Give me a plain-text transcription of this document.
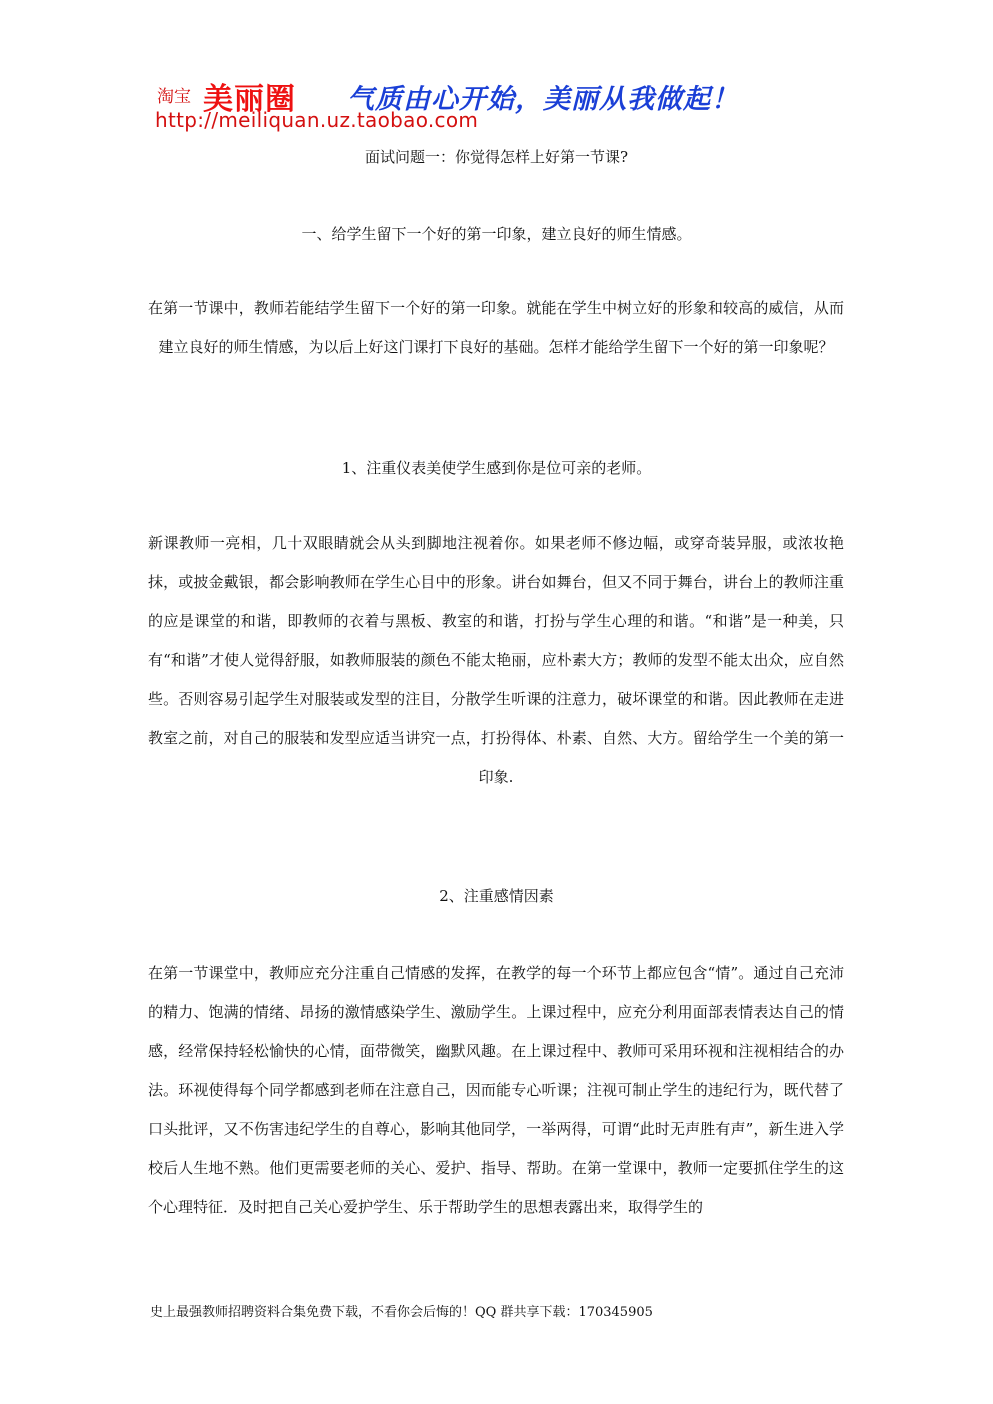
淘宝 美丽圈 气质由心开始，美丽从我做起！
http://meiliquan.uz.taobao.com
面试问题一：你觉得怎样上好第一节课?
一、给学生留下一个好的第一印象，建立良好的师生情感。

在第一节课中，教师若能结学生留下一个好的第一印象。就能在学生中树立好的形象和较高的威信，从而建立良好的师生情感，为以后上好这门课打下良好的基础。怎样才能给学生留下一个好的第一印象呢？

1、注重仪表美使学生感到你是位可亲的老师。

新课教师一亮相，几十双眼睛就会从头到脚地注视着你。如果老师不修边幅，或穿奇装异服，或浓妆艳抹，或披金戴银，都会影响教师在学生心目中的形象。讲台如舞台，但又不同于舞台，讲台上的教师注重的应是课堂的和谐，即教师的衣着与黑板、教室的和谐，打扮与学生心理的和谐。“和谐”是一种美，只有“和谐”才使人觉得舒服，如教师服装的颜色不能太艳丽，应朴素大方；教师的发型不能太出众，应自然些。否则容易引起学生对服装或发型的注目，分散学生听课的注意力，破坏课堂的和谐。因此教师在走进教室之前，对自己的服装和发型应适当讲究一点，打扮得体、朴素、自然、大方。留给学生一个美的第一印象.

2、注重感情因素

在第一节课堂中，教师应充分注重自己情感的发挥，在教学的每一个环节上都应包含“情”。通过自己充沛的精力、饱满的情绪、昂扬的激情感染学生、激励学生。上课过程中，应充分利用面部表情表达自己的情感，经常保持轻松愉快的心情，面带微笑，幽默风趣。在上课过程中、教师可采用环视和注视相结合的办法。环视使得每个同学都感到老师在注意自己，因而能专心听课；注视可制止学生的违纪行为，既代替了口头批评，又不伤害违纪学生的自尊心，影响其他同学，一举两得，可谓“此时无声胜有声”，新生进入学校后人生地不熟。他们更需要老师的关心、爱护、指导、帮助。在第一堂课中，教师一定要抓住学生的这个心理特征．及时把自己关心爱护学生、乐于帮助学生的思想表露出来，取得学生的

史上最强教师招聘资料合集免费下载，不看你会后悔的！QQ 群共享下载：170345905
